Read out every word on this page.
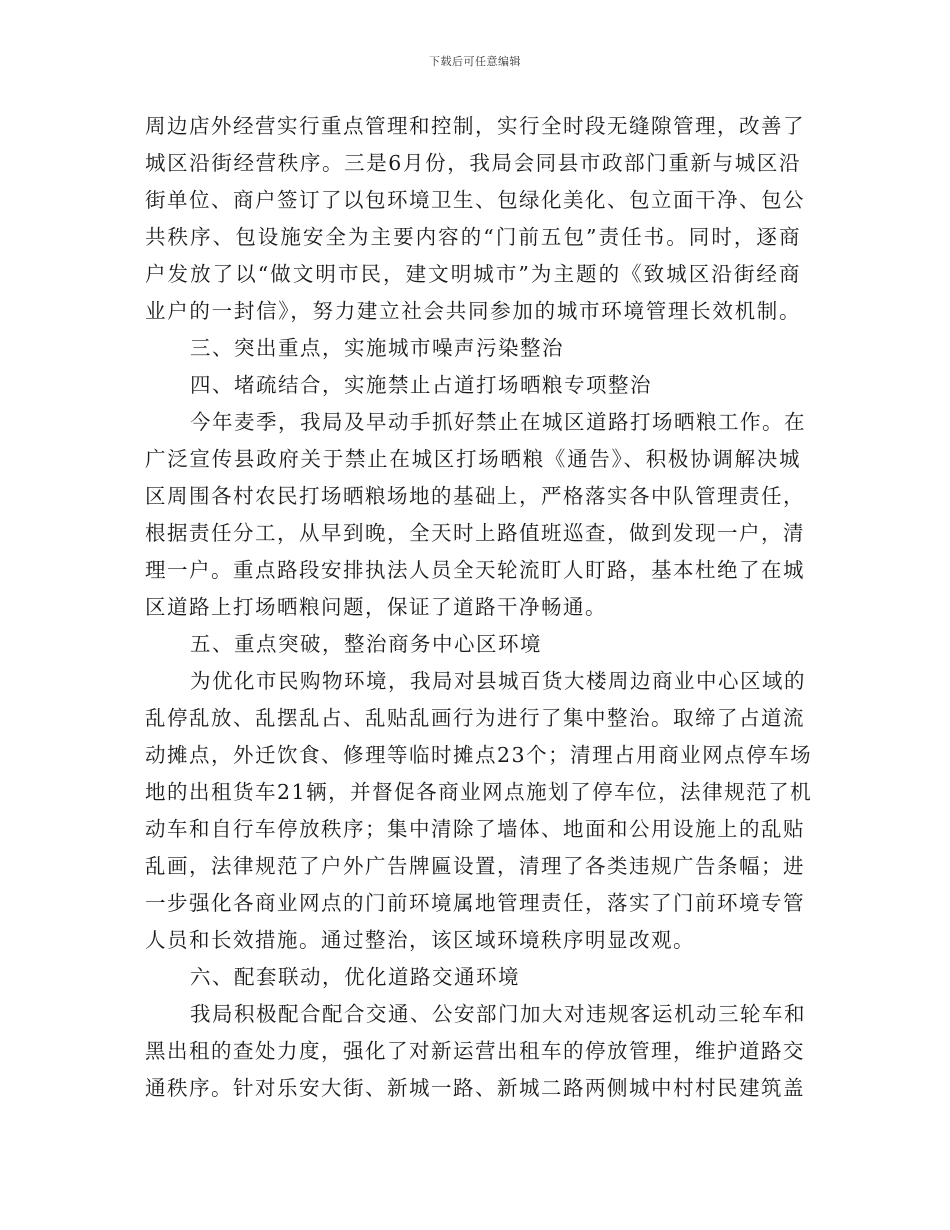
下载后可任意编辑
周边店外经营实行重点管理和控制，实行全时段无缝隙管理，改善了
城区沿街经营秩序。三是6月份，我局会同县市政部门重新与城区沿
街单位、商户签订了以包环境卫生、包绿化美化、包立面干净、包公
共秩序、包设施安全为主要内容的“门前五包”责任书。同时，逐商
户发放了以“做文明市民，建文明城市”为主题的《致城区沿街经商
业户的一封信》，努力建立社会共同参加的城市环境管理长效机制。
三、突出重点，实施城市噪声污染整治
四、堵疏结合，实施禁止占道打场晒粮专项整治
今年麦季，我局及早动手抓好禁止在城区道路打场晒粮工作。在
广泛宣传县政府关于禁止在城区打场晒粮《通告》、积极协调解决城
区周围各村农民打场晒粮场地的基础上，严格落实各中队管理责任，
根据责任分工，从早到晚，全天时上路值班巡查，做到发现一户，清
理一户。重点路段安排执法人员全天轮流盯人盯路，基本杜绝了在城
区道路上打场晒粮问题，保证了道路干净畅通。
五、重点突破，整治商务中心区环境
为优化市民购物环境，我局对县城百货大楼周边商业中心区域的
乱停乱放、乱摆乱占、乱贴乱画行为进行了集中整治。取缔了占道流
动摊点，外迁饮食、修理等临时摊点23个；清理占用商业网点停车场
地的出租货车21辆，并督促各商业网点施划了停车位，法律规范了机
动车和自行车停放秩序；集中清除了墙体、地面和公用设施上的乱贴
乱画，法律规范了户外广告牌匾设置，清理了各类违规广告条幅；进
一步强化各商业网点的门前环境属地管理责任，落实了门前环境专管
人员和长效措施。通过整治，该区域环境秩序明显改观。
六、配套联动，优化道路交通环境
我局积极配合配合交通、公安部门加大对违规客运机动三轮车和
黑出租的查处力度，强化了对新运营出租车的停放管理，维护道路交
通秩序。针对乐安大街、新城一路、新城二路两侧城中村村民建筑盖
